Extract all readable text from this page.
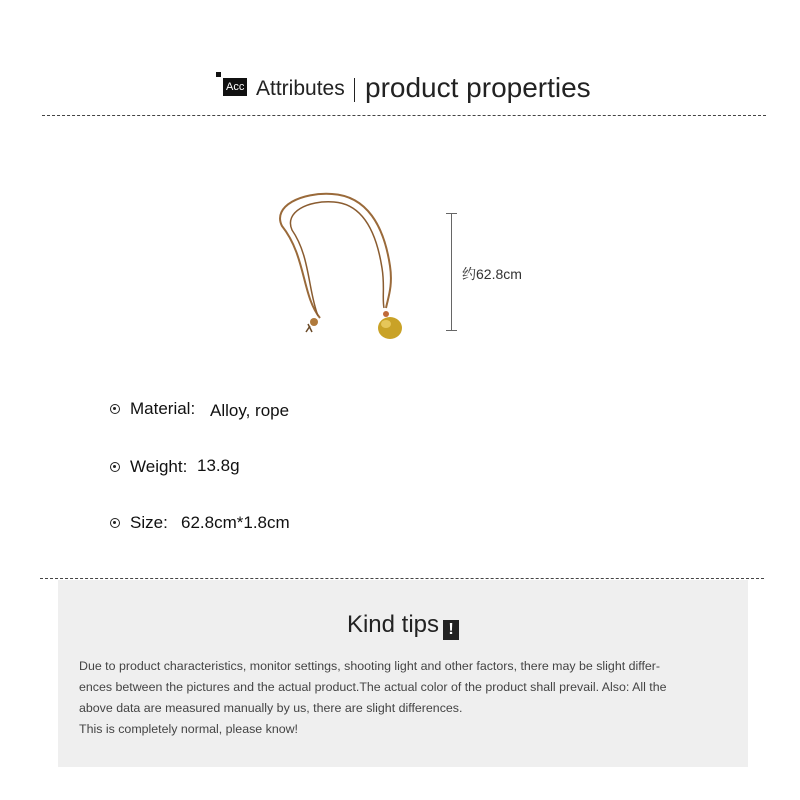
Acc Attributes product properties
约62.8cm
Material: Alloy, rope
Weight: 13.8g
Size: 62.8cm*1.8cm
Kind tips !

Due to product characteristics, monitor settings, shooting light and other factors, there may be slight differ-

ences between the pictures and the actual product.The actual color of the product shall prevail. Also: All the

above data are measured manually by us, there are slight differences.

This is completely normal, please know!
